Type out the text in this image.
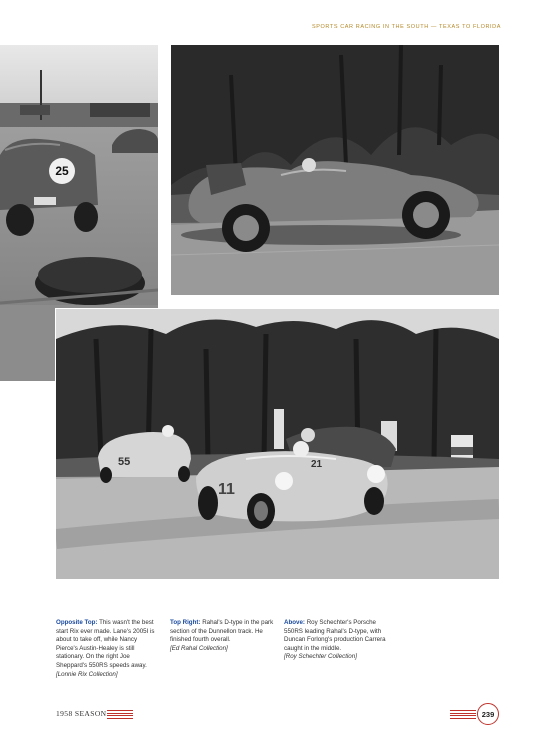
SPORTS CAR RACING IN THE SOUTH — TEXAS TO FLORIDA
25
55	21
11
Opposite Top: This wasn't the best start Rix ever made. Lane's 2005I is about to take off, while Nancy Pierce's Austin-Healey is still stationary. On the right Joe Sheppard's 550RS speeds away.
[Lonnie Rix Collection]
Top Right: Rahal's D-type in the park section of the Dunnellon track. He finished fourth overall.
[Ed Rahal Collection]
Above: Roy Schechter's Porsche 550RS leading Rahal's D-type, with Duncan Forlong's production Carrera caught in the middle.
[Roy Schechter Collection]
1958 SEASON	239
